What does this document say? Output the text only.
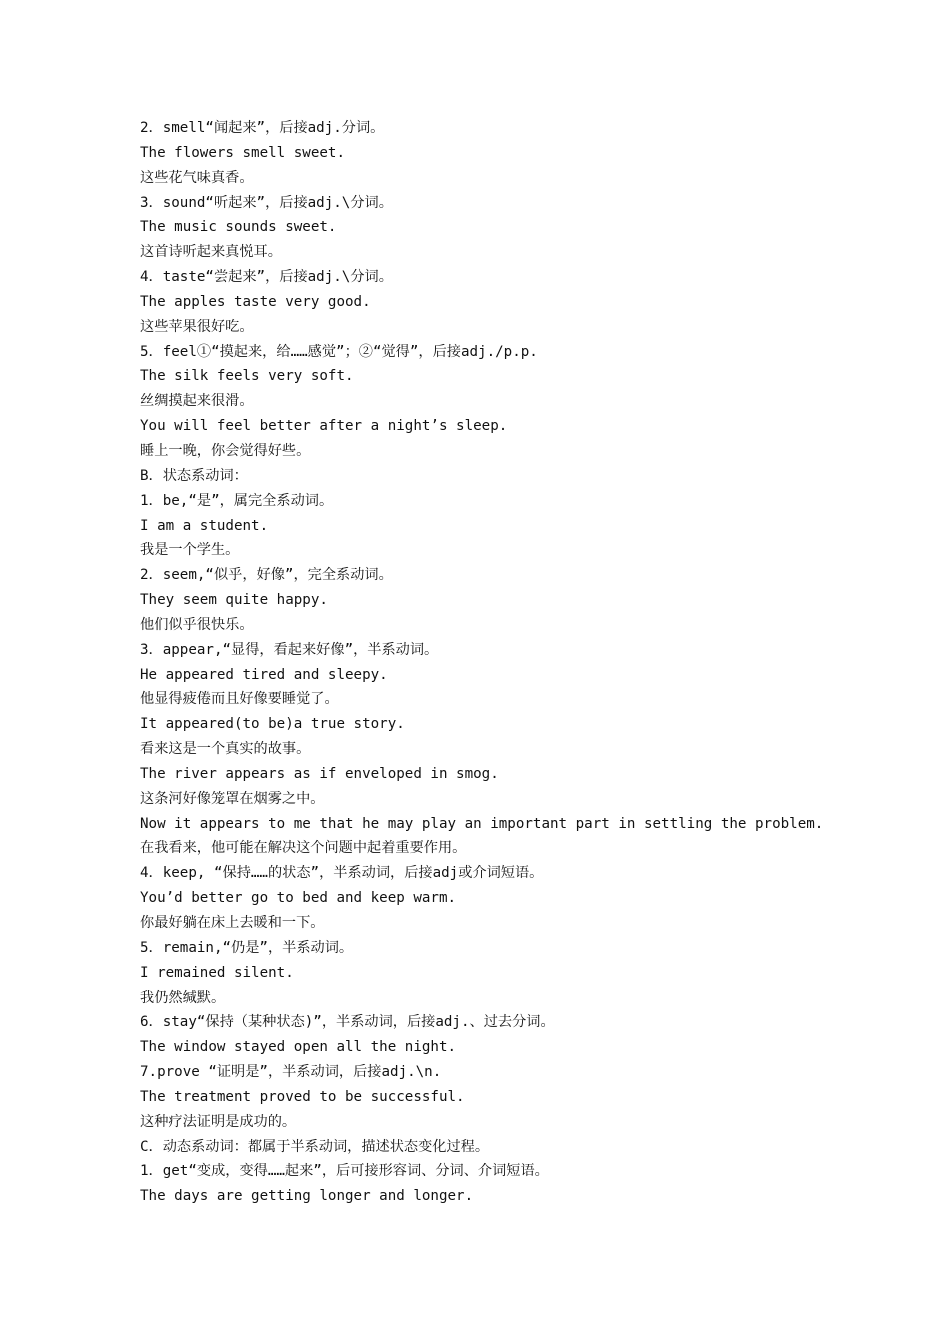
2．smell“闻起来”，后接adj.分词。
The flowers smell sweet.
这些花气味真香。
3．sound“听起来”，后接adj.\分词。
The music sounds sweet.
这首诗听起来真悦耳。
4．taste“尝起来”，后接adj.\分词。
The apples taste very good.
这些苹果很好吃。
5．feel①“摸起来，给……感觉”；②“觉得”，后接adj./p.p.
The silk feels very soft.
丝绸摸起来很滑。
You will feel better after a night’s sleep.
睡上一晚，你会觉得好些。
B．状态系动词：
1．be,“是”，属完全系动词。
I am a student.
我是一个学生。
2．seem,“似乎，好像”，完全系动词。
They seem quite happy.
他们似乎很快乐。
3．appear,“显得，看起来好像”，半系动词。
He appeared tired and sleepy.
他显得疲倦而且好像要睡觉了。
It appeared(to be)a true story.
看来这是一个真实的故事。
The river appears as if enveloped in smog.
这条河好像笼罩在烟雾之中。
Now it appears to me that he may play an important part in settling the problem.
在我看来，他可能在解决这个问题中起着重要作用。
4．keep, “保持……的状态”，半系动词，后接adj或介词短语。
You’d better go to bed and keep warm.
你最好躺在床上去暖和一下。
5．remain,“仍是”，半系动词。
I remained silent.
我仍然缄默。
6．stay“保持（某种状态)”，半系动词，后接adj.、过去分词。
The window stayed open all the night.
7.prove “证明是”，半系动词，后接adj.\n.
The treatment proved to be successful.
这种疗法证明是成功的。
C．动态系动词：都属于半系动词，描述状态变化过程。
1．get“变成，变得……起来”，后可接形容词、分词、介词短语。
The days are getting longer and longer.
